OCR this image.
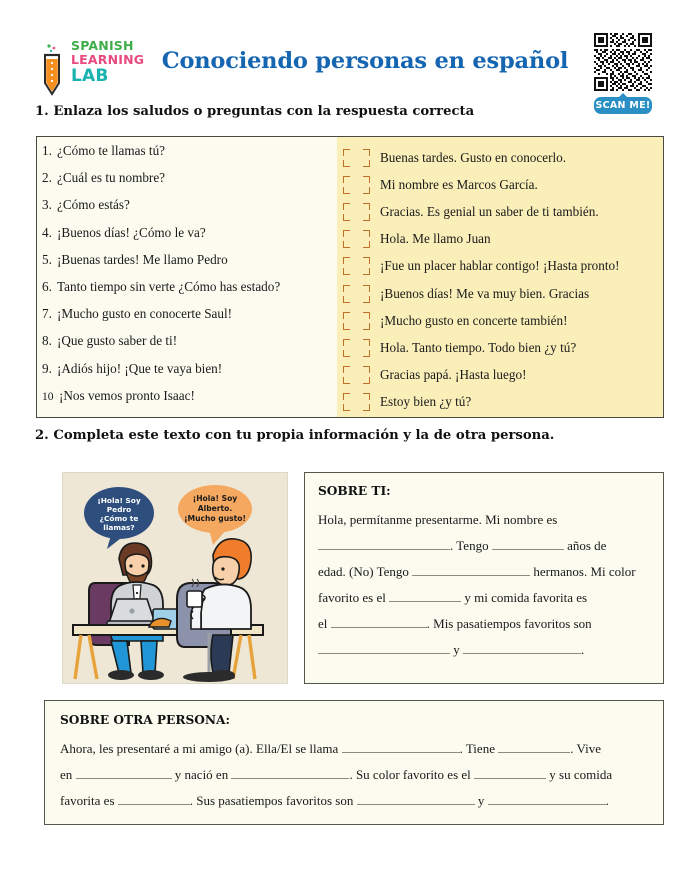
SPANISH
LEARNING
LAB
Conociendo personas en español
SCAN ME!
1. Enlaza los saludos o preguntas con la respuesta correcta
1. ¿Cómo te llamas tú?
2. ¿Cuál es tu nombre?
3. ¿Cómo estás?
4. ¡Buenos días! ¿Cómo le va?
5. ¡Buenas tardes! Me llamo Pedro
6. Tanto tiempo sin verte ¿Cómo has estado?
7. ¡Mucho gusto en conocerte Saul!
8. ¡Que gusto saber de ti!
9. ¡Adiós hijo! ¡Que te vaya bien!
10 ¡Nos vemos pronto Isaac!
Buenas tardes. Gusto en conocerlo.
Mi nombre es Marcos García.
Gracias. Es genial un saber de ti también.
Hola. Me llamo Juan
¡Fue un placer hablar contigo! ¡Hasta pronto!
¡Buenos días! Me va muy bien. Gracias
¡Mucho gusto en concerte también!
Hola. Tanto tiempo. Todo bien ¿y tú?
Gracias papá. ¡Hasta luego!
Estoy bien ¿y tú?
2. Completa este texto con tu propia información y la de otra persona.
¡Hola! Soy
Pedro
¿Cómo te
llamas?
¡Hola! Soy
Alberto.
¡Mucho gusto!
SOBRE TI:
Hola, permítanme presentarme. Mi nombre es
. Tengo	años de
edad. (No) Tengo	hermanos. Mi color
favorito es el	y mi comida favorita es
el	. Mis pasatiempos favoritos son
y	.
SOBRE OTRA PERSONA:
Ahora, les presentaré a mi amigo (a). Ella/El se llama	. Tiene	. Vive
en	y nació en	. Su color favorito es el	y su comida
favorita es	. Sus pasatiempos favoritos son	y	.
